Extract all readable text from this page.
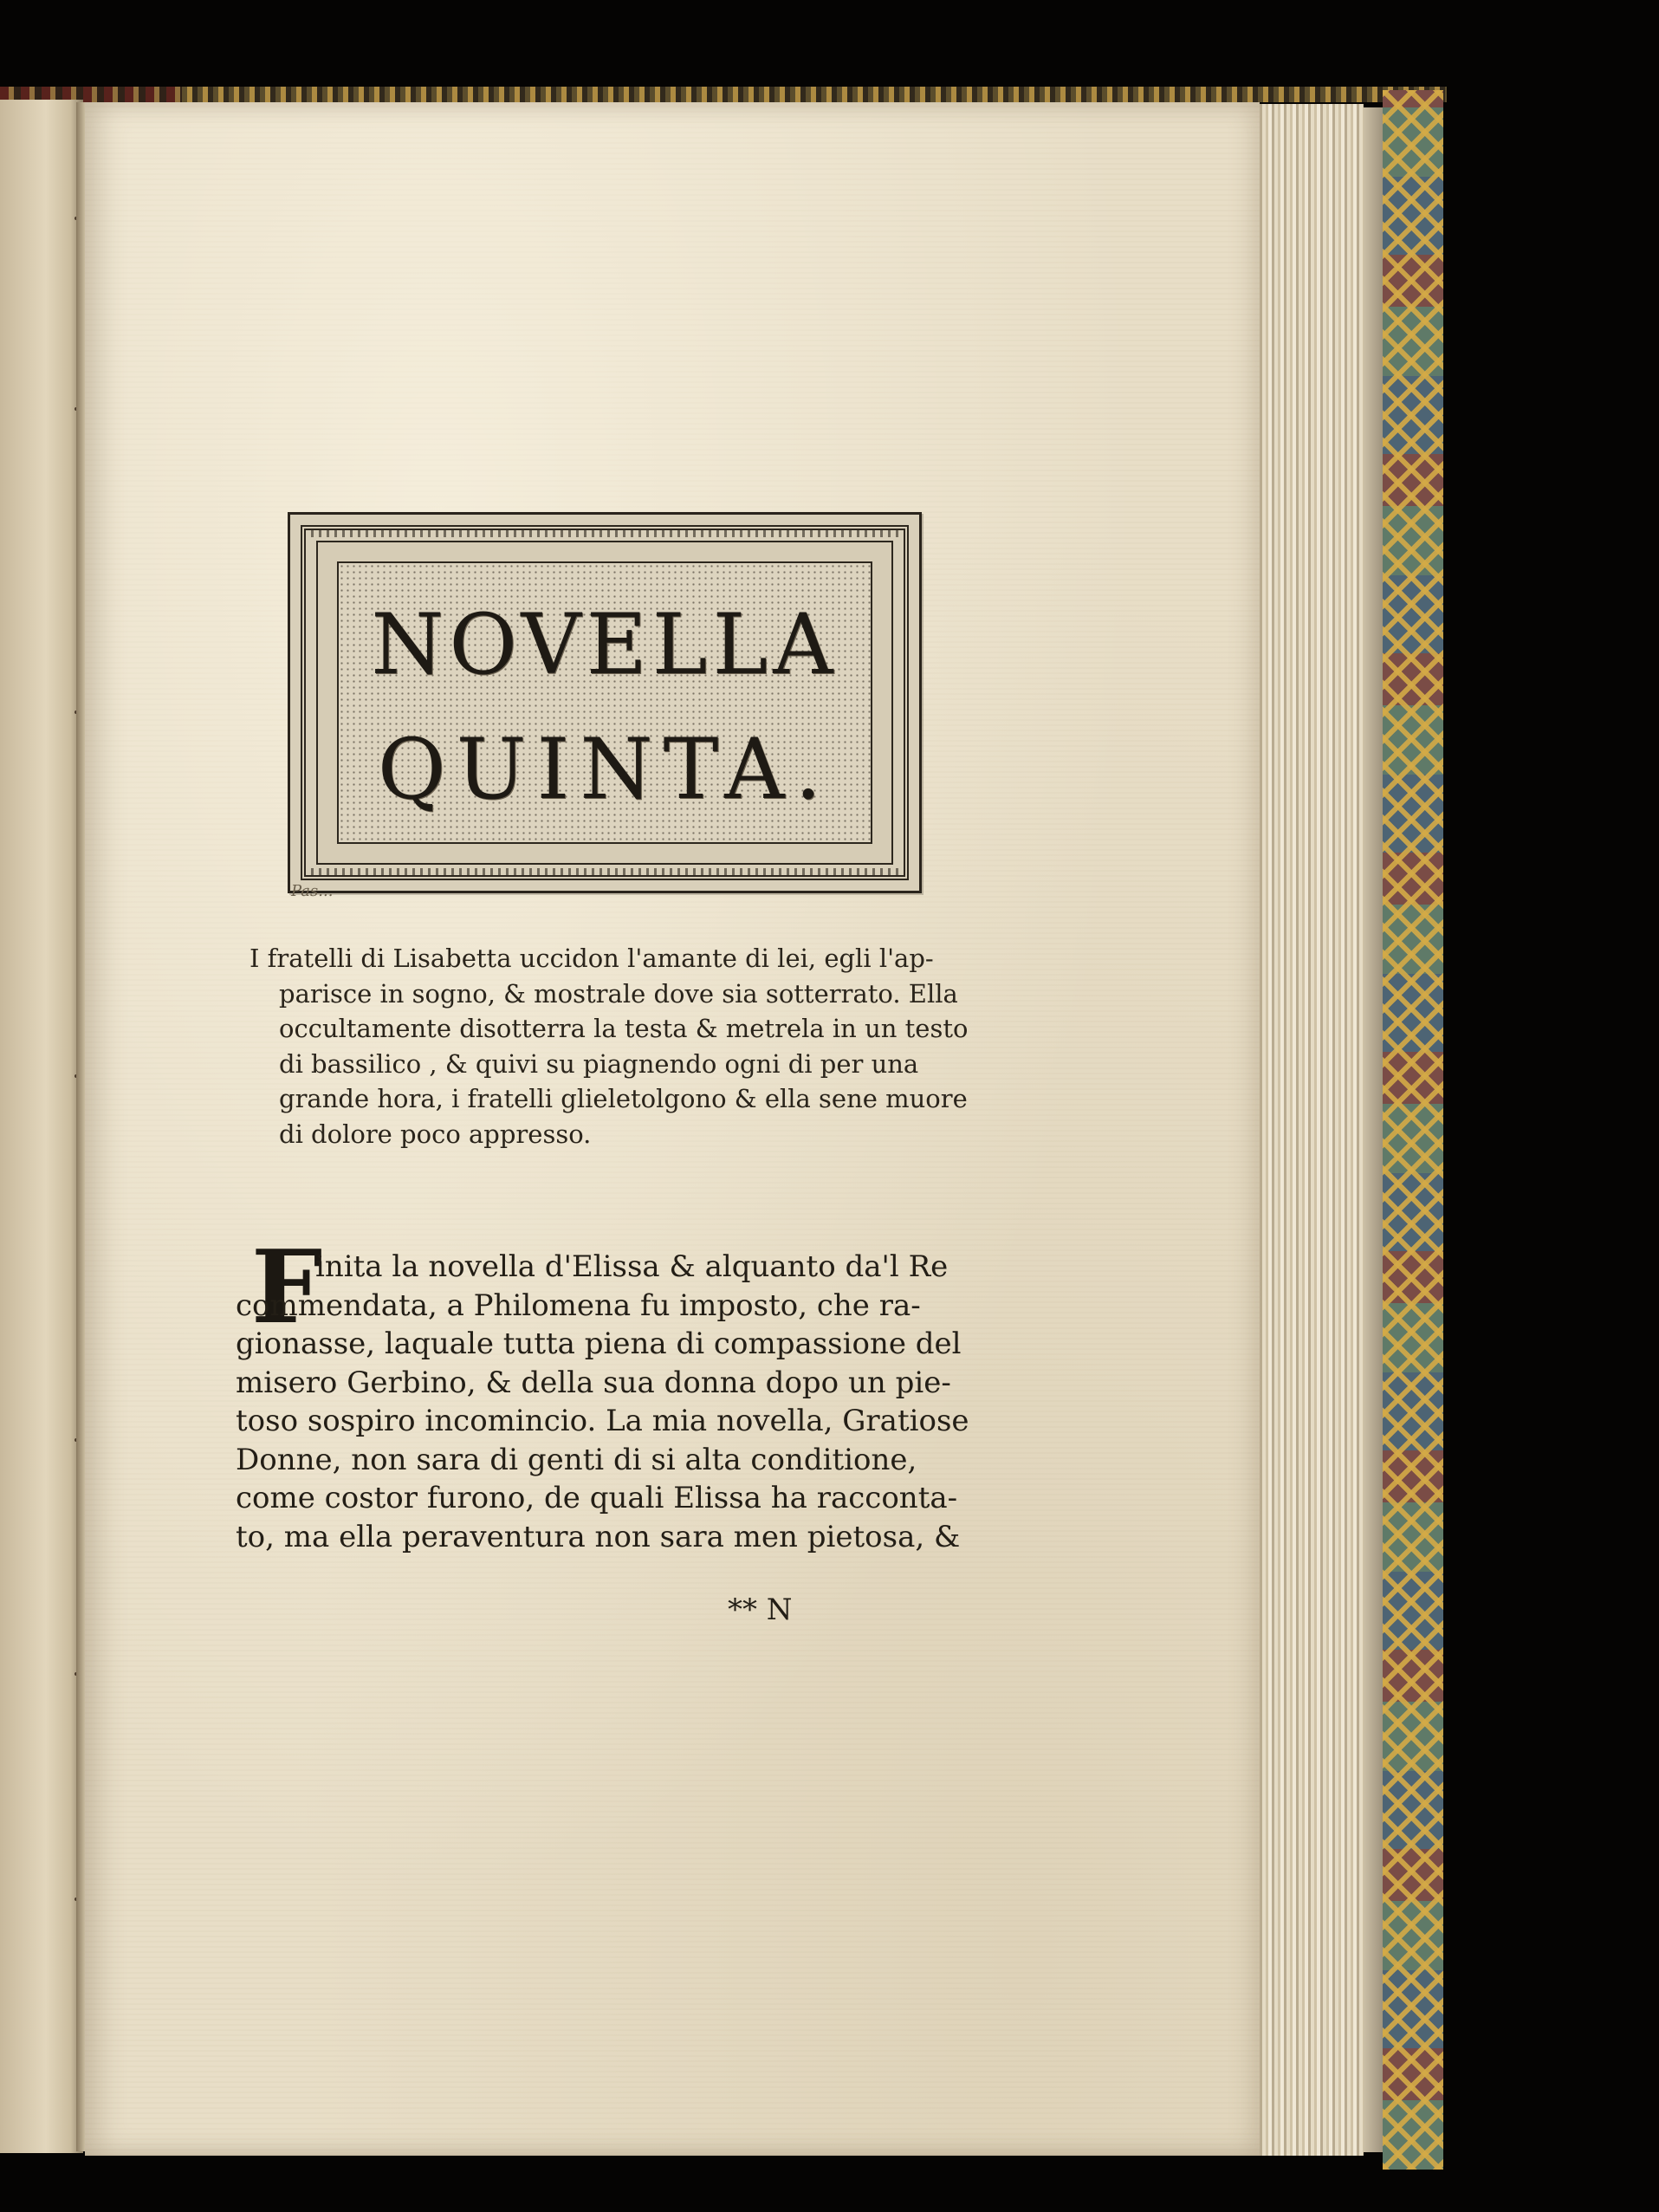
NOVELLA
QUINTA.
Pas...
I fratelli di Lisabetta uccidon l'amante di lei, egli l'ap-
parisce in sogno, & mostrale dove sia sotterrato. Ella
occultamente disotterra la testa & metrela in un testo
di bassilico , & quivi su piagnendo ogni di per una
grande hora, i fratelli glieletolgono & ella sene muore
di dolore poco appresso.
F
inita la novella d'Elissa & alquanto da'l Re
commendata, a Philomena fu imposto, che ra-
gionasse, laquale tutta piena di compassione del
misero Gerbino, & della sua donna dopo un pie-
toso sospiro incomincio. La mia novella, Gratiose
Donne, non sara di genti di si alta conditione,
come costor furono, de quali Elissa ha racconta-
to, ma ella peraventura non sara men pietosa, &
** N
